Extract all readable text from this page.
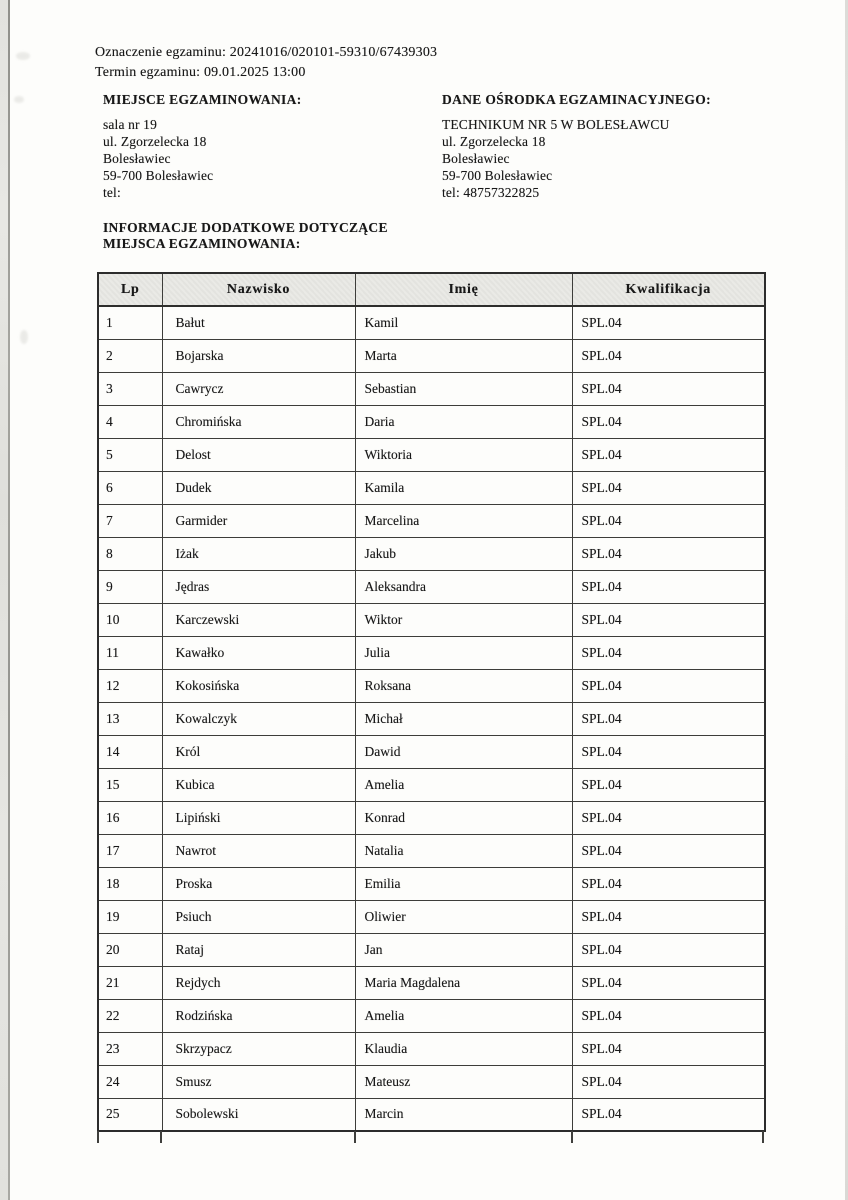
Oznaczenie egzaminu: 20241016/020101-59310/67439303
Termin egzaminu: 09.01.2025 13:00
MIEJSCE EGZAMINOWANIA:	DANE OŚRODKA EGZAMINACYJNEGO:
sala nr 19
ul. Zgorzelecka 18
Bolesławiec
59-700 Bolesławiec
tel:
TECHNIKUM NR 5 W BOLESŁAWCU
ul. Zgorzelecka 18
Bolesławiec
59-700 Bolesławiec
tel: 48757322825
INFORMACJE DODATKOWE DOTYCZĄCE MIEJSCA EGZAMINOWANIA:
Lp	Nazwisko	Imię	Kwalifikacja
1	Bałut	Kamil	SPL.04
2	Bojarska	Marta	SPL.04
3	Cawrycz	Sebastian	SPL.04
4	Chromińska	Daria	SPL.04
5	Delost	Wiktoria	SPL.04
6	Dudek	Kamila	SPL.04
7	Garmider	Marcelina	SPL.04
8	Iżak	Jakub	SPL.04
9	Jędras	Aleksandra	SPL.04
10	Karczewski	Wiktor	SPL.04
11	Kawałko	Julia	SPL.04
12	Kokosińska	Roksana	SPL.04
13	Kowalczyk	Michał	SPL.04
14	Król	Dawid	SPL.04
15	Kubica	Amelia	SPL.04
16	Lipiński	Konrad	SPL.04
17	Nawrot	Natalia	SPL.04
18	Proska	Emilia	SPL.04
19	Psiuch	Oliwier	SPL.04
20	Rataj	Jan	SPL.04
21	Rejdych	Maria Magdalena	SPL.04
22	Rodzińska	Amelia	SPL.04
23	Skrzypacz	Klaudia	SPL.04
24	Smusz	Mateusz	SPL.04
25	Sobolewski	Marcin	SPL.04
